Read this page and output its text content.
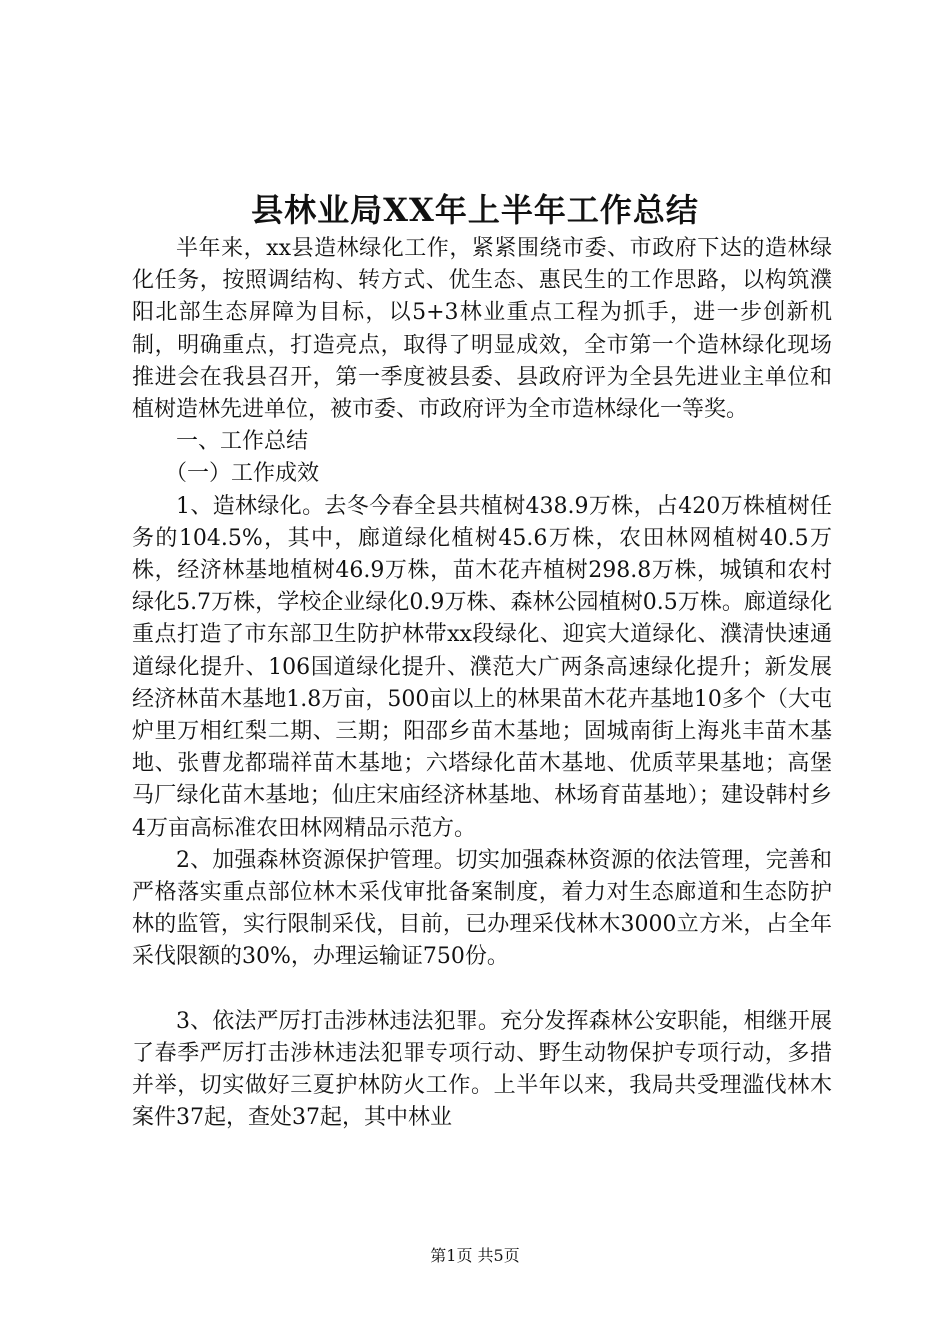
县林业局XX年上半年工作总结

半年来，xx县造林绿化工作，紧紧围绕市委、市政府下达的造林绿化任务，按照调结构、转方式、优生态、惠民生的工作思路，以构筑濮阳北部生态屏障为目标，以5+3林业重点工程为抓手，进一步创新机制，明确重点，打造亮点，取得了明显成效，全市第一个造林绿化现场推进会在我县召开，第一季度被县委、县政府评为全县先进业主单位和植树造林先进单位，被市委、市政府评为全市造林绿化一等奖。

一、工作总结

（一）工作成效

1、造林绿化。去冬今春全县共植树438.9万株，占420万株植树任务的104.5%，其中，廊道绿化植树45.6万株，农田林网植树40.5万株，经济林基地植树46.9万株，苗木花卉植树298.8万株，城镇和农村绿化5.7万株，学校企业绿化0.9万株、森林公园植树0.5万株。廊道绿化重点打造了市东部卫生防护林带xx段绿化、迎宾大道绿化、濮清快速通道绿化提升、106国道绿化提升、濮范大广两条高速绿化提升；新发展经济林苗木基地1.8万亩，500亩以上的林果苗木花卉基地10多个（大屯炉里万相红梨二期、三期；阳邵乡苗木基地；固城南街上海兆丰苗木基地、张曹龙都瑞祥苗木基地；六塔绿化苗木基地、优质苹果基地；高堡马厂绿化苗木基地；仙庄宋庙经济林基地、林场育苗基地）；建设韩村乡4万亩高标准农田林网精品示范方。

2、加强森林资源保护管理。切实加强森林资源的依法管理，完善和严格落实重点部位林木采伐审批备案制度，着力对生态廊道和生态防护林的监管，实行限制采伐，目前，已办理采伐林木3000立方米，占全年采伐限额的30%，办理运输证750份。

3、依法严厉打击涉林违法犯罪。充分发挥森林公安职能，相继开展了春季严厉打击涉林违法犯罪专项行动、野生动物保护专项行动，多措并举，切实做好三夏护林防火工作。上半年以来，我局共受理滥伐林木案件37起，查处37起，其中林业

第1页 共5页
